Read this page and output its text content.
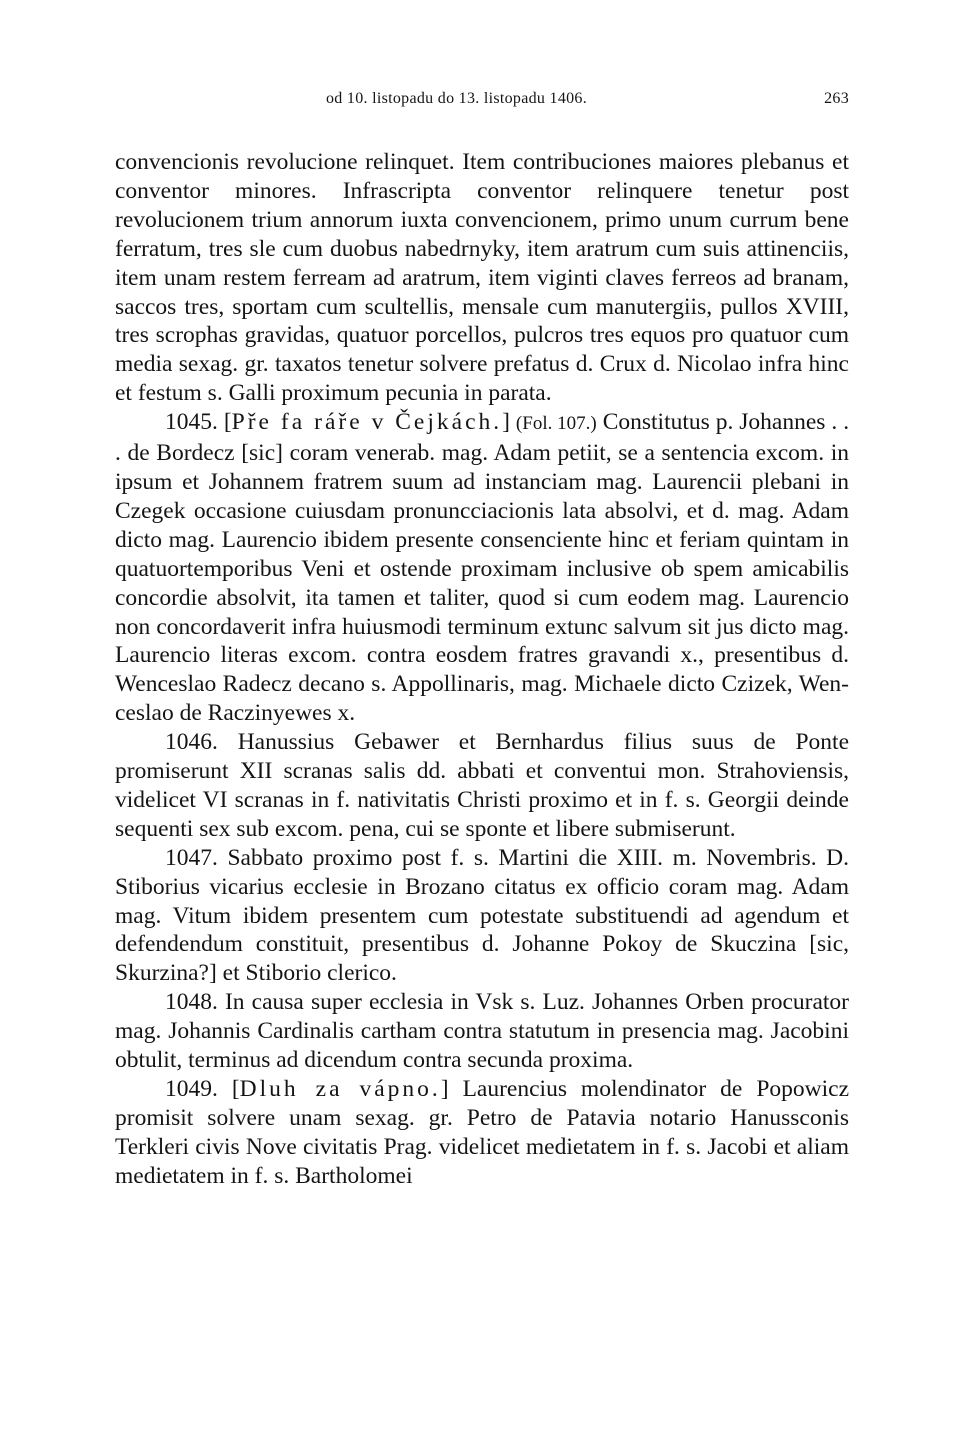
od 10. listopadu do 13. listopadu 1406.	263

convencionis revolucione relinquet. Item contribuciones maiores plebanus et conventor minores. Infrascripta conventor relinquere tenetur post revolucionem trium annorum iuxta convencionem, primo unum currum bene ferratum, tres sle cum duobus nabedrnyky, item aratrum cum suis attinenciis, item unam restem ferream ad aratrum, item viginti claves ferreos ad branam, saccos tres, sportam cum scultellis, mensale cum manutergiis, pullos XVIII, tres scrophas gravidas, quatuor porcellos, pulcros tres equos pro quatuor cum media sexag. gr. taxatos tenetur solvere prefatus d. Crux d. Nicolao infra hinc et festum s. Galli proximum pecunia in parata.

1045. [Pře fa ráře v Čejkách.] (Fol. 107.) Constitutus p. Johannes . . . de Bordecz [sic] coram venerab. mag. Adam petiit, se a sentencia excom. in ipsum et Johannem fratrem suum ad instanciam mag. Laurencii plebani in Czegek occasione cuiusdam pronuncciacionis lata absolvi, et d. mag. Adam dicto mag. Laurencio ibidem presente consenciente hinc et feriam quintam in quatuortemporibus Veni et ostende proximam inclusive ob spem amicabilis concordie absolvit, ita tamen et taliter, quod si cum eodem mag. Laurencio non concordaverit infra huiusmodi terminum extunc salvum sit jus dicto mag. Laurencio literas excom. contra eosdem fratres gravandi x., presentibus d. Wenceslao Radecz decano s. Appollinaris, mag. Michaele dicto Czizek, Wenceslao de Raczinyewes x.

1046. Hanussius Gebawer et Bernhardus filius suus de Ponte promiserunt XII scranas salis dd. abbati et conventui mon. Strahoviensis, videlicet VI scranas in f. nativitatis Christi proximo et in f. s. Georgii deinde sequenti sex sub excom. pena, cui se sponte et libere submiserunt.

1047. Sabbato proximo post f. s. Martini die XIII. m. Novembris. D. Stiborius vicarius ecclesie in Brozano citatus ex officio coram mag. Adam mag. Vitum ibidem presentem cum potestate substituendi ad agendum et defendendum constituit, presentibus d. Johanne Pokoy de Skuczina [sic, Skurzina?] et Stiborio clerico.

1048. In causa super ecclesia in Vsk s. Luz. Johannes Orben procurator mag. Johannis Cardinalis cartham contra statutum in presencia mag. Jacobini obtulit, terminus ad dicendum contra secunda proxima.

1049. [Dluh za vápno.] Laurencius molendinator de Popowicz promisit solvere unam sexag. gr. Petro de Patavia notario Hanussconis Terkleri civis Nove civitatis Prag. videlicet medietatem in f. s. Jacobi et aliam medietatem in f. s. Bartholomei
